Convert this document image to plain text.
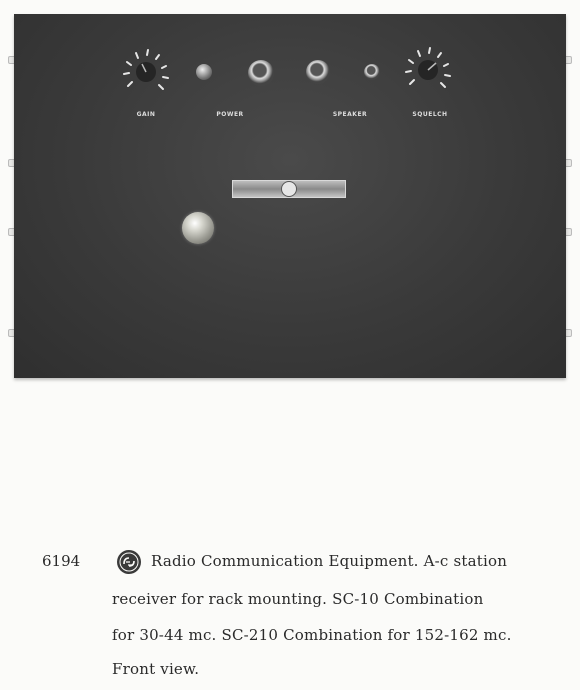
GAIN	POWER	SPEAKER	SQUELCH
6194	Radio Communication Equipment. A-c station
receiver for rack mounting. SC-10 Combination
for 30-44 mc. SC-210 Combination for 152-162 mc.
Front view.
